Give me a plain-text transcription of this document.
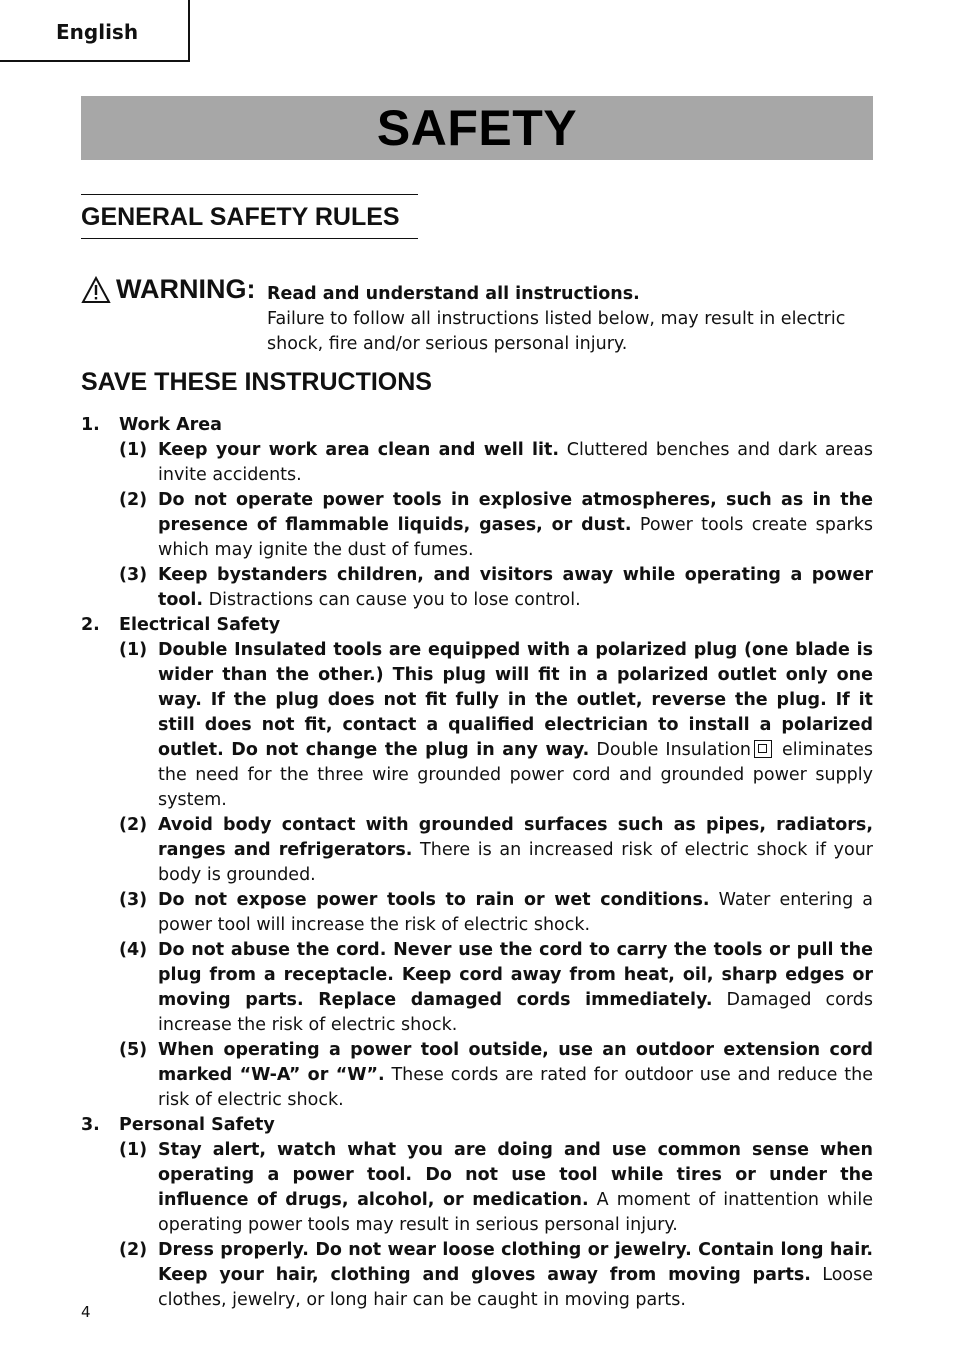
English
SAFETY
GENERAL SAFETY RULES
WARNING: Read and understand all instructions.
Failure to follow all instructions listed below, may result in electric shock, fire and/or serious personal injury.
SAVE THESE INSTRUCTIONS
1. Work Area
(1) Keep your work area clean and well lit. Cluttered benches and dark areas invite accidents.
(2) Do not operate power tools in explosive atmospheres, such as in the presence of flammable liquids, gases, or dust. Power tools create sparks which may ignite the dust of fumes.
(3) Keep bystanders children, and visitors away while operating a power tool. Distractions can cause you to lose control.
2. Electrical Safety
(1) Double Insulated tools are equipped with a polarized plug (one blade is wider than the other.) This plug will fit in a polarized outlet only one way. If the plug does not fit fully in the outlet, reverse the plug. If it still does not fit, contact a qualified electrician to install a polarized outlet. Do not change the plug in any way. Double Insulation
eliminates the need for the three wire grounded power cord and grounded power supply system.
(2) Avoid body contact with grounded surfaces such as pipes, radiators, ranges and refrigerators. There is an increased risk of electric shock if your body is grounded.
(3) Do not expose power tools to rain or wet conditions. Water entering a power tool will increase the risk of electric shock.
(4) Do not abuse the cord. Never use the cord to carry the tools or pull the plug from a receptacle. Keep cord away from heat, oil, sharp edges or moving parts. Replace damaged cords immediately. Damaged cords increase the risk of electric shock.
(5) When operating a power tool outside, use an outdoor extension cord marked “W-A” or “W”. These cords are rated for outdoor use and reduce the risk of electric shock.
3. Personal Safety
(1) Stay alert, watch what you are doing and use common sense when operating a power tool. Do not use tool while tires or under the influence of drugs, alcohol, or medication. A moment of inattention while operating power tools may result in serious personal injury.
(2) Dress properly. Do not wear loose clothing or jewelry. Contain long hair. Keep your hair, clothing and gloves away from moving parts. Loose clothes, jewelry, or long hair can be caught in moving parts.
4
